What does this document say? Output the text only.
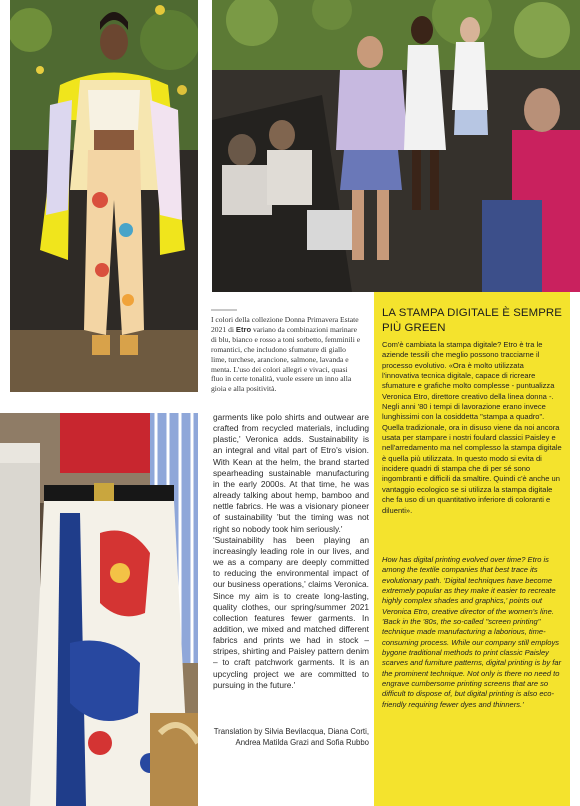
I colori della collezione Donna Primavera Estate 2021 di Etro variano da combinazioni marinare di blu, bianco e rosso a toni sorbetto, femminili e romantici, che includono sfumature di giallo lime, turchese, arancione, salmone, lavanda e menta. L'uso dei colori allegri e vivaci, quasi fluo in certe tonalità, vuole essere un inno alla gioia e alla positività.

garments like polo shirts and outwear are crafted from recycled materials, including plastic,' Veronica adds. Sustainability is an integral and vital part of Etro's vision. With Kean at the helm, the brand started spearheading sustainable manufacturing in the early 2000s. At that time, he was already talking about hemp, bamboo and nettle fabrics. He was a visionary pioneer of sustainability 'but the timing was not right so nobody took him seriously.'

'Sustainability has been playing an increasingly leading role in our lives, and we as a company are deeply committed to reducing the environmental impact of our business operations,' claims Veronica. Since my aim is to create long-lasting, quality clothes, our spring/summer 2021 collection features fewer garments. In addition, we mixed and matched different fabrics and prints we had in stock – stripes, shirting and Paisley pattern denim – to craft patchwork garments. It is an upcycling project we are committed to pursuing in the future.'

Translation by Silvia Bevilacqua, Diana Corti, Andrea Matilda Grazi and Sofia Rubbo
LA STAMPA DIGITALE È SEMPRE PIÙ GREEN
Com'è cambiata la stampa digitale? Etro è tra le aziende tessili che meglio possono tracciarne il processo evolutivo. «Ora è molto utilizzata l'innovativa tecnica digitale, capace di ricreare sfumature e grafiche molto complesse - puntualizza Veronica Etro, direttore creativo della linea donna -. Negli anni '80 i tempi di lavorazione erano invece lunghissimi con la cosiddetta "stampa a quadro". Quella tradizionale, ora in disuso viene da noi ancora usata per stampare i nostri foulard classici Paisley e nell'arredamento ma nel complesso la stampa digitale è quella più utilizzata. In questo modo si evita di incidere quadri di stampa che di per sé sono ingombranti e difficili da smaltire. Quindi c'è anche un vantaggio ecologico se si utilizza la stampa digitale che fa uso di un quantitativo inferiore di coloranti e diluenti».
How has digital printing evolved over time? Etro is among the textile companies that best trace its evolutionary path. 'Digital techniques have become extremely popular as they make it easier to recreate highly complex shades and graphics,' points out Veronica Etro, creative director of the women's line. 'Back in the '80s, the so-called "screen printing" technique made manufacturing a laborious, time-consuming process. While our company still employs bygone traditional methods to print classic Paisley scarves and furniture patterns, digital printing is by far the prominent technique. Not only is there no need to engrave cumbersome printing screens that are so difficult to dispose of, but digital printing is also eco-friendly requiring fewer dyes and thinners.'
